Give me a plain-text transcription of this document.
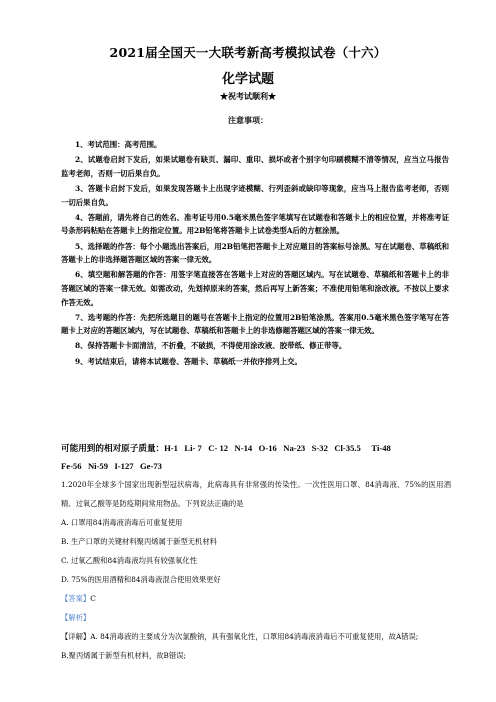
2021届全国天一大联考新高考模拟试卷（十六）
化学试题
★祝考试顺利★
注意事项：

1、考试范围：高考范围。

2、试题卷启封下发后，如果试题卷有缺页、漏印、重印、损坏或者个别字句印刷模糊不清等情况，应当立马报告监考老师，否则一切后果自负。

3、答题卡启封下发后，如果发现答题卡上出现字迹模糊、行列歪斜或缺印等现象，应当马上报告监考老师，否则一切后果自负。

4、答题前，请先将自己的姓名、准考证号用0.5毫米黑色签字笔填写在试题卷和答题卡上的相应位置，并将准考证号条形码粘贴在答题卡上的指定位置。用2B铅笔将答题卡上试卷类型A后的方框涂黑。

5、选择题的作答：每个小题选出答案后，用2B铅笔把答题卡上对应题目的答案标号涂黑。写在试题卷、草稿纸和答题卡上的非选择题答题区域的答案一律无效。

6、填空题和解答题的作答：用签字笔直接答在答题卡上对应的答题区域内。写在试题卷、草稿纸和答题卡上的非答题区域的答案一律无效。如需改动，先划掉原来的答案，然后再写上新答案；不准使用铅笔和涂改液。不按以上要求作答无效。

7、选考题的作答：先把所选题目的题号在答题卡上指定的位置用2B铅笔涂黑。答案用0.5毫米黑色签字笔写在答题卡上对应的答题区域内，写在试题卷、草稿纸和答题卡上的非选修题答题区域的答案一律无效。

8、保持答题卡卡面清洁，不折叠，不破损，不得使用涂改液、胶带纸、修正带等。

9、考试结束后，请将本试题卷、答题卡、草稿纸一并依序排列上交。

可能用到的相对原子质量：H-1   Li- 7   C- 12   N-14   O-16   Na-23   S-32   Cl-35.5     Ti-48
Fe-56   Ni-59   I-127   Ge-73

1.2020年全球多个国家出现新型冠状病毒，此病毒具有非常强的传染性。一次性医用口罩、84消毒液、75%的医用酒精、过氧乙酸等是防疫期间常用物品。下列说法正确的是

A. 口罩用84消毒液消毒后可重复使用

B. 生产口罩的关键材料聚丙烯属于新型无机材料

C. 过氧乙酸和84消毒液均具有较强氧化性

D. 75%的医用酒精和84消毒液混合使用效果更好

【答案】C

【解析】

【详解】A. 84消毒液的主要成分为次氯酸钠，具有强氧化性，口罩用84消毒液消毒后不可重复使用，故A错误;

B.聚丙烯属于新型有机材料，故B错误;
